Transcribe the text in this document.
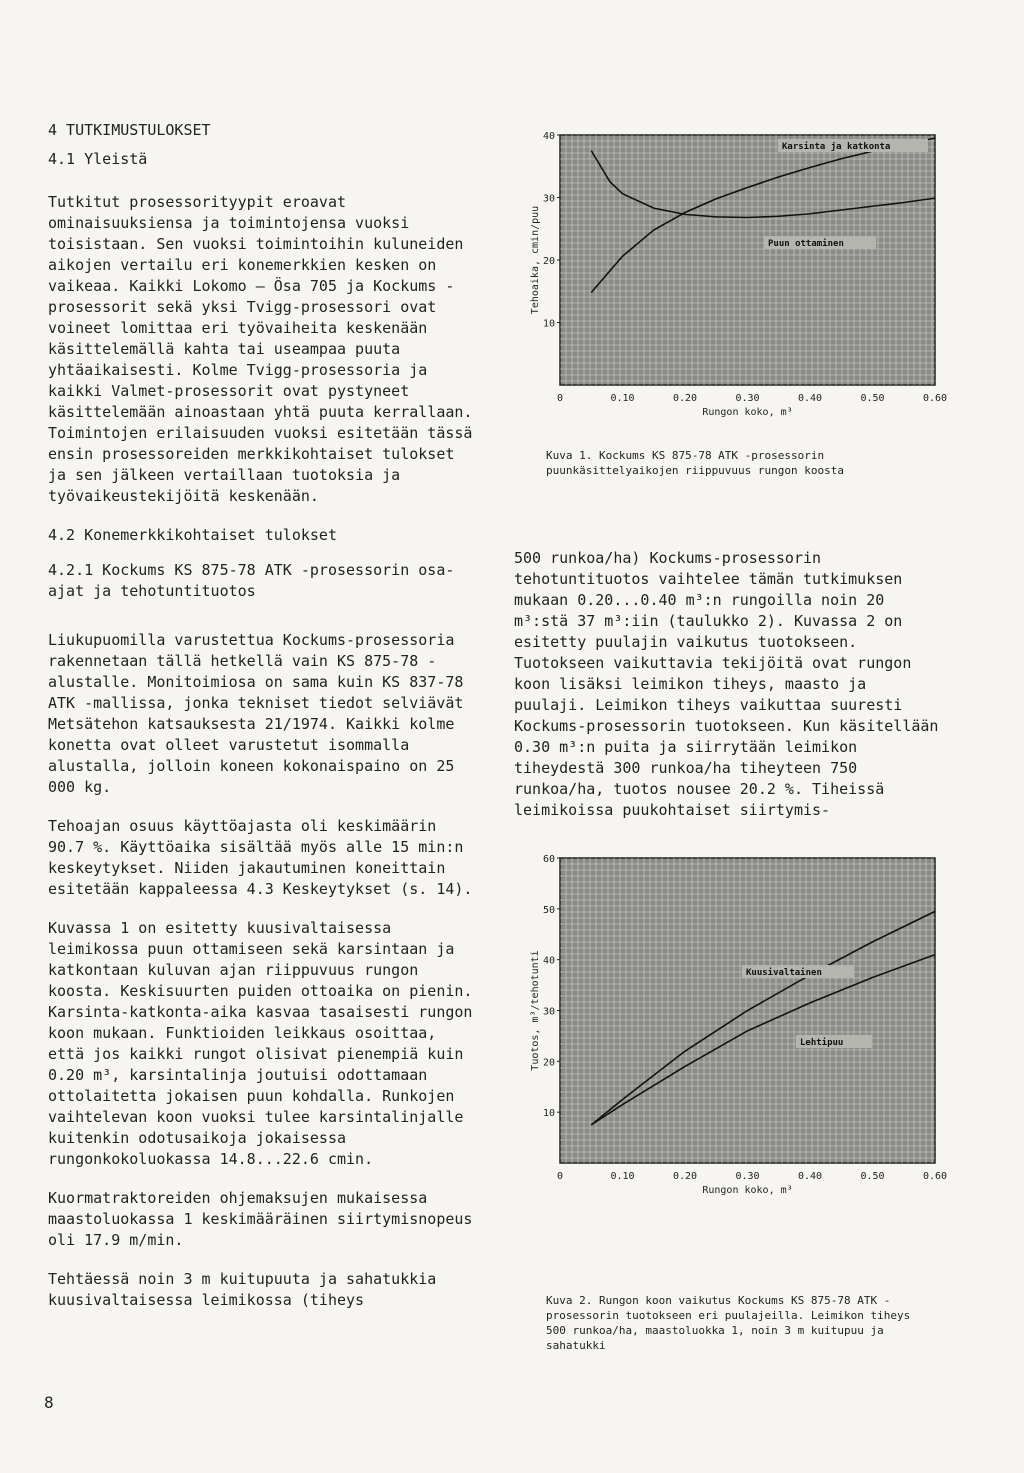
4 TUTKIMUSTULOKSET
4.1 Yleistä

Tutkitut prosessorityypit eroavat ominaisuuksiensa ja toimintojensa vuoksi toisistaan. Sen vuoksi toimintoihin kuluneiden aikojen vertailu eri konemerkkien kesken on vaikeaa. Kaikki Lokomo – Ösa 705 ja Kockums -prosessorit sekä yksi Tvigg-prosessori ovat voineet lomittaa eri työvaiheita keskenään käsittelemällä kahta tai useampaa puuta yhtäaikaisesti. Kolme Tvigg-prosessoria ja kaikki Valmet-prosessorit ovat pystyneet käsittelemään ainoastaan yhtä puuta kerrallaan. Toimintojen erilaisuuden vuoksi esitetään tässä ensin prosessoreiden merkkikohtaiset tulokset ja sen jälkeen vertaillaan tuotoksia ja työvaikeustekijöitä keskenään.

4.2 Konemerkkikohtaiset tulokset
4.2.1 Kockums KS 875-78 ATK -prosessorin osa-ajat ja tehotuntituotos

Liukupuomilla varustettua Kockums-prosessoria rakennetaan tällä hetkellä vain KS 875-78 -alustalle. Monitoimiosa on sama kuin KS 837-78 ATK -mallissa, jonka tekniset tiedot selviävät Metsätehon katsauksesta 21/1974. Kaikki kolme konetta ovat olleet varustetut isommalla alustalla, jolloin koneen kokonaispaino on 25 000 kg.

Tehoajan osuus käyttöajasta oli keskimäärin 90.7 %. Käyttöaika sisältää myös alle 15 min:n keskeytykset. Niiden jakautuminen koneittain esitetään kappaleessa 4.3 Keskeytykset (s. 14).

Kuvassa 1 on esitetty kuusivaltaisessa leimikossa puun ottamiseen sekä karsintaan ja katkontaan kuluvan ajan riippuvuus rungon koosta. Keskisuurten puiden ottoaika on pienin. Karsinta-katkonta-aika kasvaa tasaisesti rungon koon mukaan. Funktioiden leikkaus osoittaa, että jos kaikki rungot olisivat pienempiä kuin 0.20 m³, karsintalinja joutuisi odottamaan ottolaitetta jokaisen puun kohdalla. Runkojen vaihtelevan koon vuoksi tulee karsintalinjalle kuitenkin odotusaikoja jokaisessa rungonkokoluokassa 14.8...22.6 cmin.

Kuormatraktoreiden ohjemaksujen mukaisessa maastoluokassa 1 keskimääräinen siirtymisnopeus oli 17.9 m/min.

Tehtäessä noin 3 m kuitupuuta ja sahatukkia kuusivaltaisessa leimikossa (tiheys

0	0.10	0.20	0.30	0.40	0.50	0.60
10
20
30
40
Rungon koko, m³
Tehoaika, cmin/puu
Karsinta ja katkonta
Puun ottaminen
Kuva 1. Kockums KS 875-78 ATK -prosessorin puunkäsittelyaikojen riippuvuus rungon koosta

500 runkoa/ha) Kockums-prosessorin tehotuntituotos vaihtelee tämän tutkimuksen mukaan 0.20...0.40 m³:n rungoilla noin 20 m³:stä 37 m³:iin (taulukko 2). Kuvassa 2 on esitetty puulajin vaikutus tuotokseen. Tuotokseen vaikuttavia tekijöitä ovat rungon koon lisäksi leimikon tiheys, maasto ja puulaji. Leimikon tiheys vaikuttaa suuresti Kockums-prosessorin tuotokseen. Kun käsitellään 0.30 m³:n puita ja siirrytään leimikon tiheydestä 300 runkoa/ha tiheyteen 750 runkoa/ha, tuotos nousee 20.2 %. Tiheissä leimikoissa puukohtaiset siirtymis-

0	0.10	0.20	0.30	0.40	0.50	0.60
10
20
30
40
50
60
Rungon koko, m³
Tuotos, m³/tehotunti	Kuusivaltainen
Lehtipuu
Kuva 2. Rungon koon vaikutus Kockums KS 875-78 ATK -prosessorin tuotokseen eri puulajeilla. Leimikon tiheys 500 runkoa/ha, maastoluokka 1, noin 3 m kuitupuu ja sahatukki
8
